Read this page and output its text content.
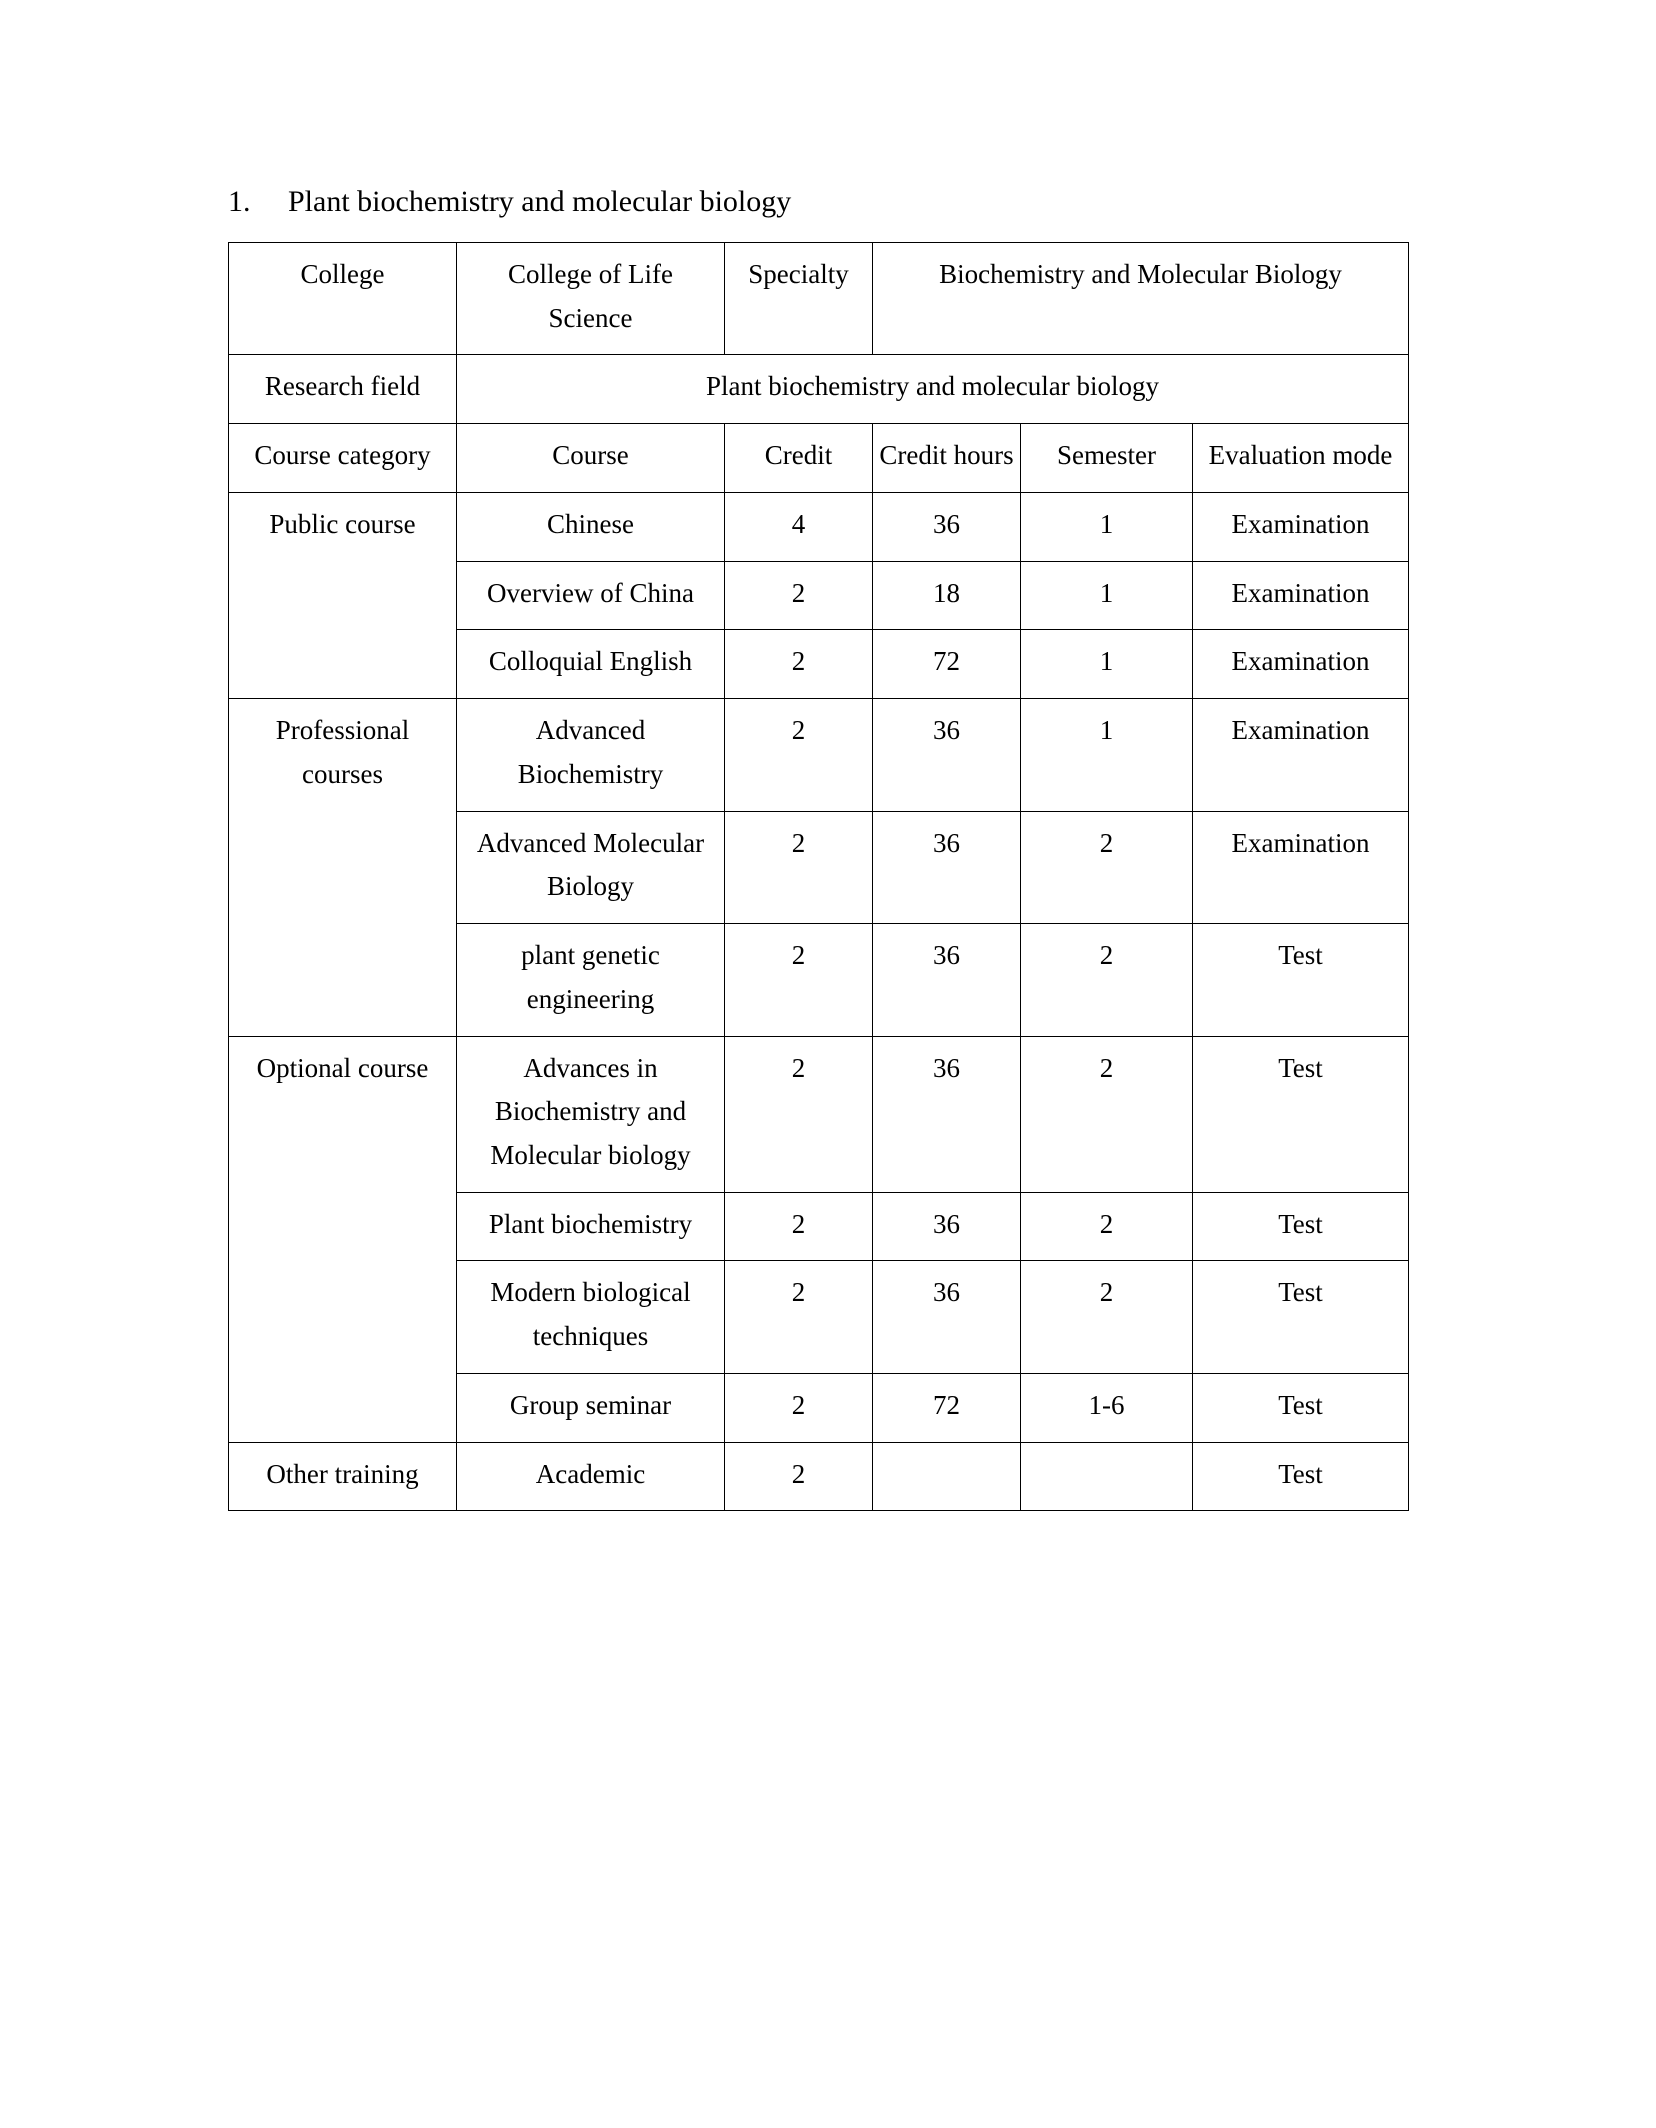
1. Plant biochemistry and molecular biology
College	College of Life Science	Specialty	Biochemistry and Molecular Biology		
Research field	Plant biochemistry and molecular biology				
Course category	Course	Credit	Credit hours	Semester	Evaluation mode
Public course	Chinese	4	36	1	Examination
	Overview of China	2	18	1	Examination
	Colloquial English	2	72	1	Examination
Professional courses	Advanced Biochemistry	2	36	1	Examination
	Advanced Molecular Biology	2	36	2	Examination
	plant genetic engineering	2	36	2	Test
Optional course	Advances in Biochemistry and Molecular biology	2	36	2	Test
	Plant biochemistry	2	36	2	Test
	Modern biological techniques	2	36	2	Test
	Group seminar	2	72	1-6	Test
Other training	Academic	2			Test
